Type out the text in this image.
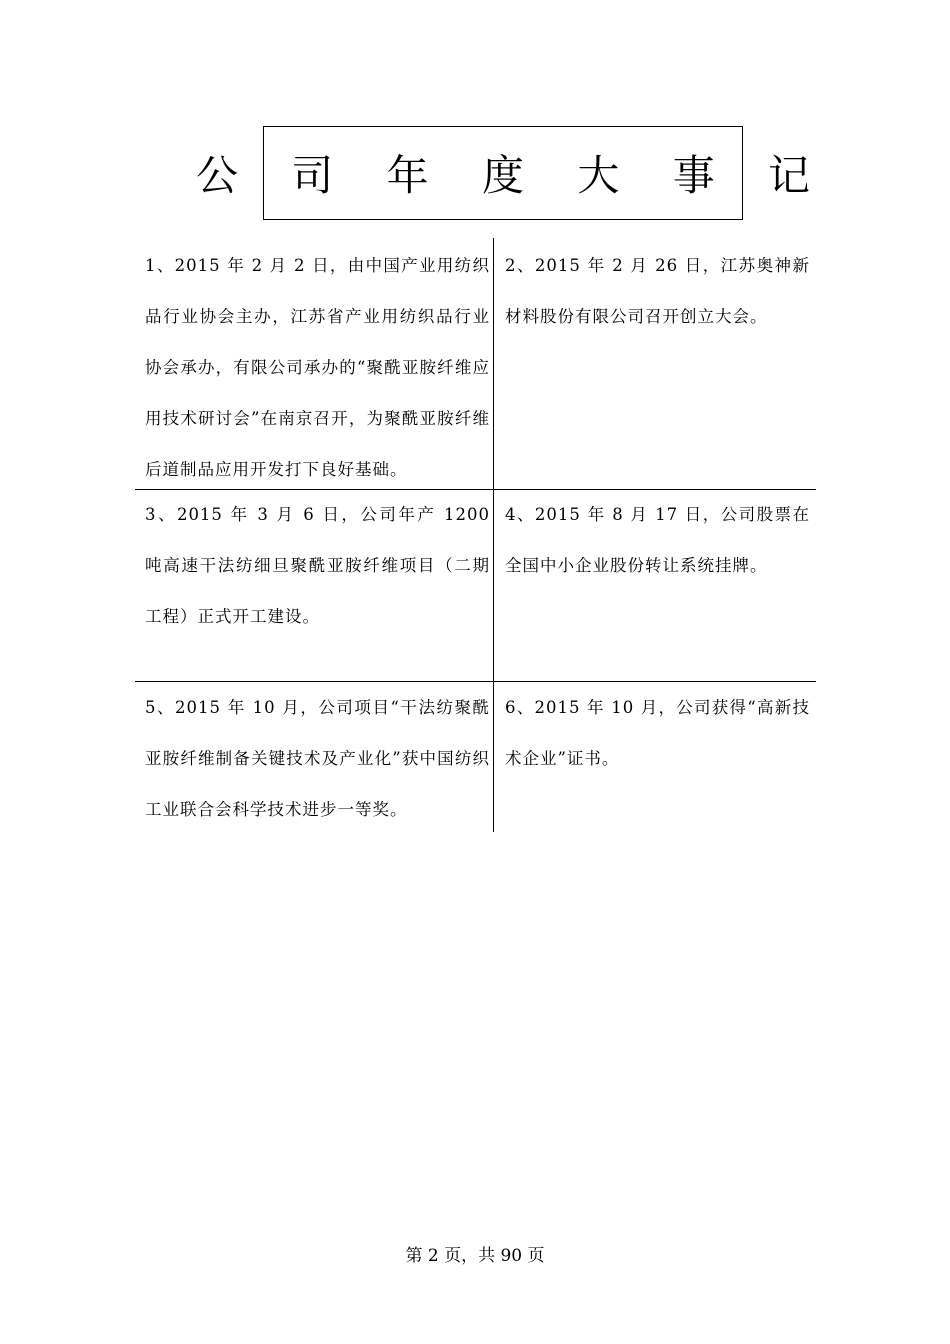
公 司 年 度 大 事 记
1、2015 年 2 月 2 日，由中国产业用纺织品行业协会主办，江苏省产业用纺织品行业协会承办，有限公司承办的“聚酰亚胺纤维应用技术研讨会”在南京召开，为聚酰亚胺纤维后道制品应用开发打下良好基础。
2、2015 年 2 月 26 日，江苏奥神新材料股份有限公司召开创立大会。
3、2015 年 3 月 6 日，公司年产 1200 吨高速干法纺细旦聚酰亚胺纤维项目（二期工程）正式开工建设。
4、2015 年 8 月 17 日，公司股票在全国中小企业股份转让系统挂牌。
5、2015 年 10 月，公司项目“干法纺聚酰亚胺纤维制备关键技术及产业化”获中国纺织工业联合会科学技术进步一等奖。
6、2015 年 10 月，公司获得“高新技术企业”证书。
第 2 页，共 90 页
